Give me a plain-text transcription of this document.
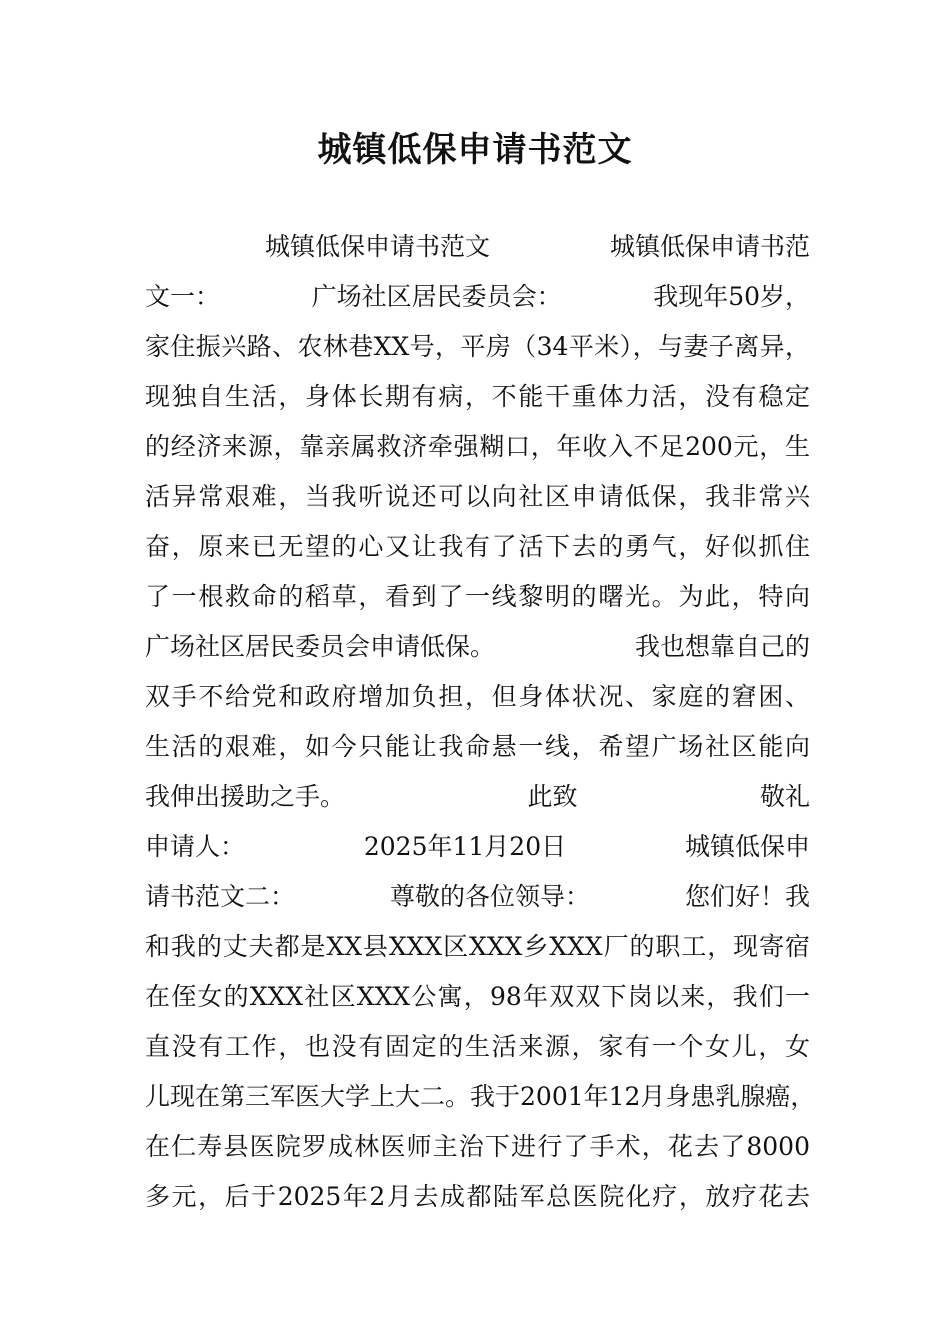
城镇低保申请书范文
城镇低保申请书范文	城镇低保申请书范
文一：	广场社区居民委员会：	我现年50岁，
家住振兴路、农林巷XX号，平房（34平米），与妻子离异，
现独自生活，身体长期有病，不能干重体力活，没有稳定
的经济来源，靠亲属救济牵强糊口，年收入不足200元，生
活异常艰难，当我听说还可以向社区申请低保，我非常兴
奋，原来已无望的心又让我有了活下去的勇气，好似抓住
了一根救命的稻草，看到了一线黎明的曙光。为此，特向
广场社区居民委员会申请低保。	我也想靠自己的
双手不给党和政府增加负担，但身体状况、家庭的窘困、
生活的艰难，如今只能让我命悬一线，希望广场社区能向
我伸出援助之手。	此致	敬礼
申请人：	2025年11月20日	城镇低保申
请书范文二：	尊敬的各位领导：	您们好！我
和我的丈夫都是XX县XXX区XXX乡XXX厂的职工，现寄宿
在侄女的XXX社区XXX公寓，98年双双下岗以来，我们一
直没有工作，也没有固定的生活来源，家有一个女儿，女
儿现在第三军医大学上大二。我于2001年12月身患乳腺癌，
在仁寿县医院罗成林医师主治下进行了手术，花去了8000
多元，后于2025年2月去成都陆军总医院化疗，放疗花去
